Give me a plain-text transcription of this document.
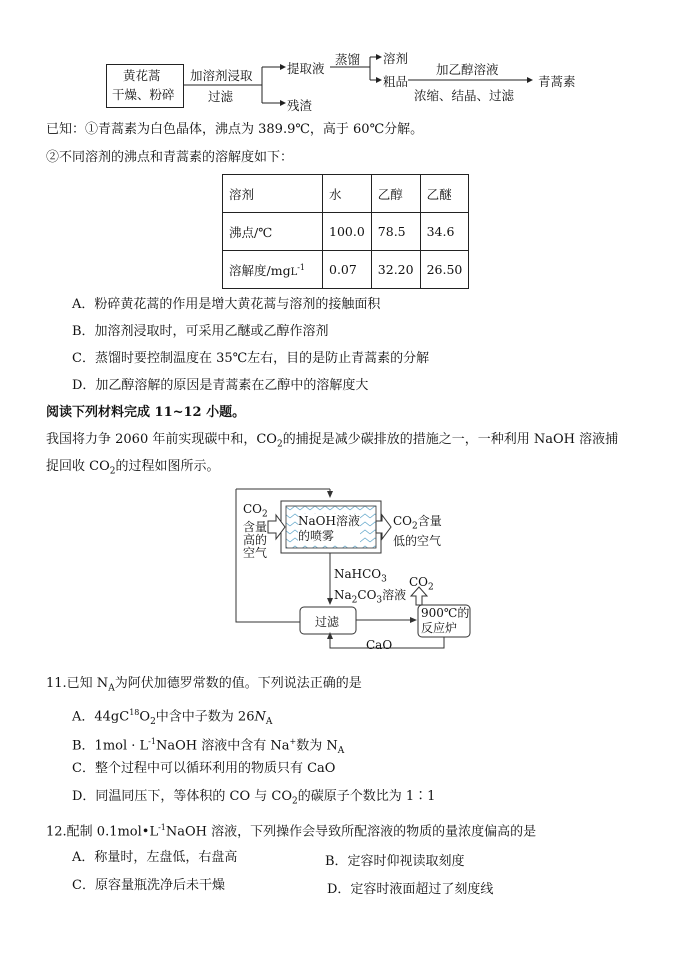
黄花蒿
干燥、粉碎
加溶剂浸取
过滤
提取液
残渣
蒸馏 溶剂
粗品
加乙醇溶液
浓缩、结晶、过滤
青蒿素
已知：①青蒿素为白色晶体，沸点为 389.9℃，高于 60℃分解。
②不同溶剂的沸点和青蒿素的溶解度如下：
溶剂	水	乙醇	乙醚
沸点/℃	100.0	78.5	34.6
溶解度/mgL$^{-1}$	0.07	32.20	26.50
A．粉碎黄花蒿的作用是增大黄花蒿与溶剂的接触面积
B．加溶剂浸取时，可采用乙醚或乙醇作溶剂
C．蒸馏时要控制温度在 35℃左右，目的是防止青蒿素的分解
D．加乙醇溶解的原因是青蒿素在乙醇中的溶解度大
阅读下列材料完成 11~12 小题。
我国将力争 2060 年前实现碳中和，$CO_2$的捕捉是减少碳排放的措施之一，一种利用 NaOH 溶液捕
捉回收 $CO_2$的过程如图所示。
$CO_2$
含量
高的
空气
NaOH溶液
的喷雾
$CO_2$含量
低的空气
NaHCO$_3$
$Na_2CO_3$溶液
$CO_2$
过滤
900℃的
反应炉
CaO
11.已知 $N_A$为阿伏加德罗常数的值。下列说法正确的是
A．$44gC^{18}O_2$中含中子数为 $26N_A$
B．$1mol \cdot L^{-1}NaOH$ 溶液中含有 Na+数为 $N_A$
C．整个过程中可以循环利用的物质只有 CaO
D．同温同压下，等体积的 CO 与 $CO_2$的碳原子个数比为 1∶1
12.配制 $0.1mol•L^{-1}NaOH$ 溶液，下列操作会导致所配溶液的物质的量浓度偏高的是
A．称量时，左盘低，右盘高	B．定容时仰视读取刻度
C．原容量瓶洗净后未干燥	D．定容时液面超过了刻度线
